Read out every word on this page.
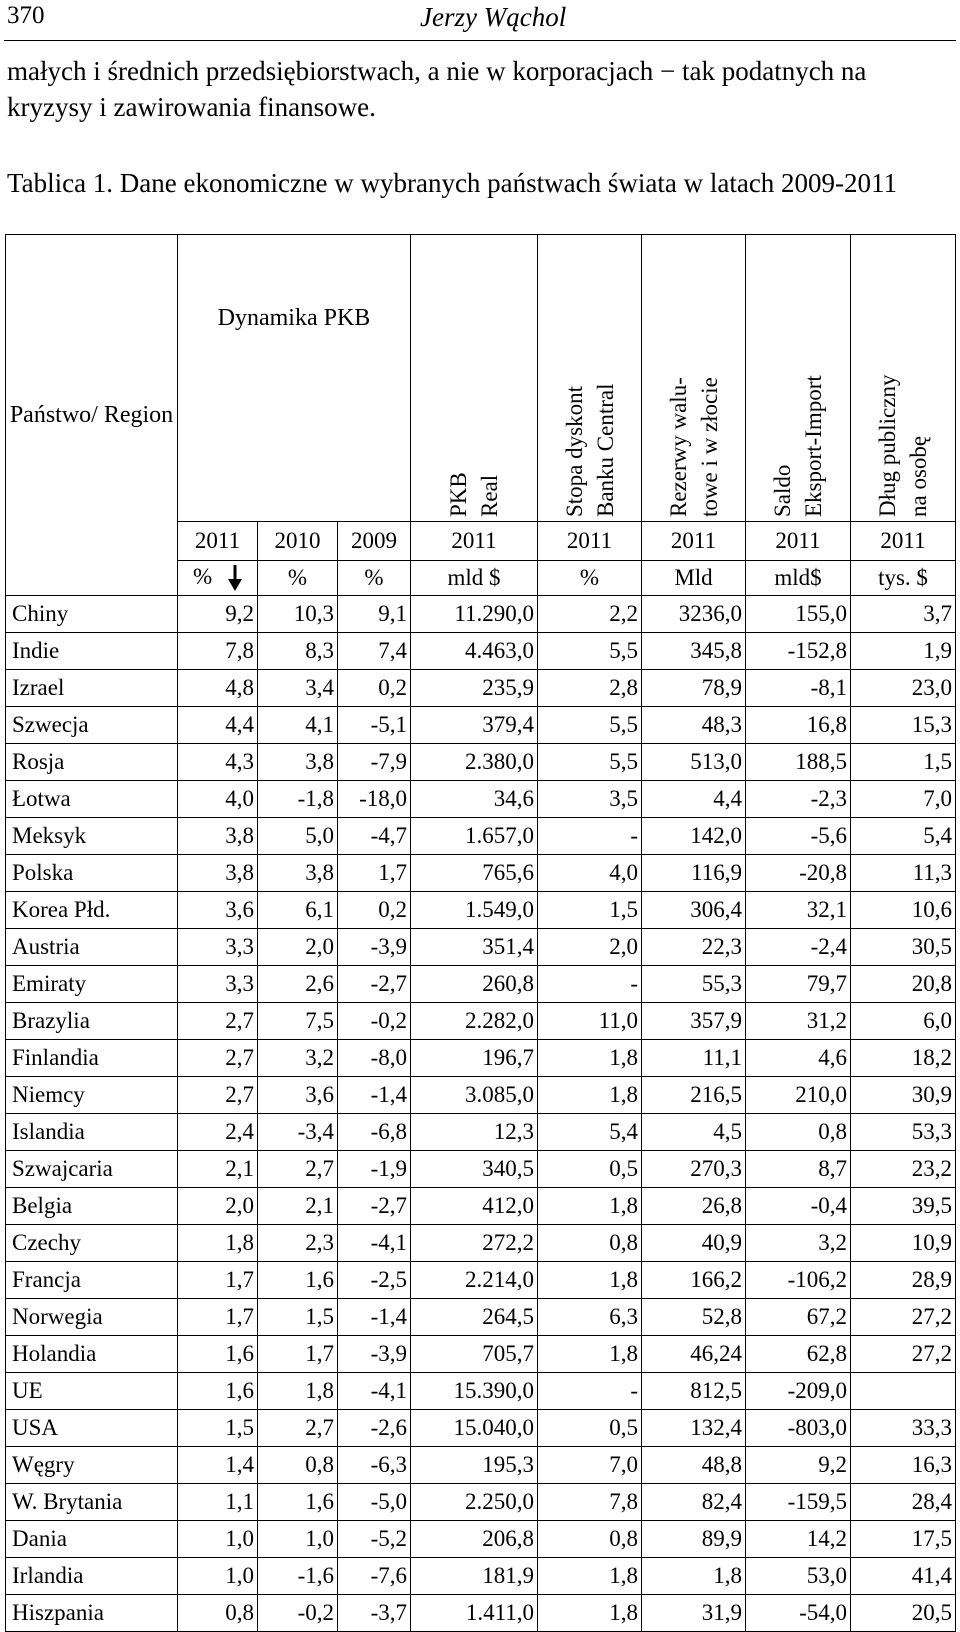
370	Jerzy Wąchol
małych i średnich przedsiębiorstwach, a nie w korporacjach − tak podatnych na kryzysy i zawirowania finansowe.
Tablica 1. Dane ekonomiczne w wybranych państwach świata w latach 2009-2011
Państwo/ Region	Dynamika PKB			PKB Real	Stopa dyskont Banku Central	Rezerwy walu- towe i w złocie	Saldo Eksport-Import	Dług publiczny na osobę

	2011	2010	2009	2011	2011	2011	2011	2011
	%	%	%	mld $	%	Mld	mld$	tys. $
Chiny	9,2	10,3	9,1	11.290,0	2,2	3236,0	155,0	3,7
Indie	7,8	8,3	7,4	4.463,0	5,5	345,8	-152,8	1,9
Izrael	4,8	3,4	0,2	235,9	2,8	78,9	-8,1	23,0
Szwecja	4,4	4,1	-5,1	379,4	5,5	48,3	16,8	15,3
Rosja	4,3	3,8	-7,9	2.380,0	5,5	513,0	188,5	1,5
Łotwa	4,0	-1,8	-18,0	34,6	3,5	4,4	-2,3	7,0
Meksyk	3,8	5,0	-4,7	1.657,0	-	142,0	-5,6	5,4
Polska	3,8	3,8	1,7	765,6	4,0	116,9	-20,8	11,3
Korea Płd.	3,6	6,1	0,2	1.549,0	1,5	306,4	32,1	10,6
Austria	3,3	2,0	-3,9	351,4	2,0	22,3	-2,4	30,5
Emiraty	3,3	2,6	-2,7	260,8	-	55,3	79,7	20,8
Brazylia	2,7	7,5	-0,2	2.282,0	11,0	357,9	31,2	6,0
Finlandia	2,7	3,2	-8,0	196,7	1,8	11,1	4,6	18,2
Niemcy	2,7	3,6	-1,4	3.085,0	1,8	216,5	210,0	30,9
Islandia	2,4	-3,4	-6,8	12,3	5,4	4,5	0,8	53,3
Szwajcaria	2,1	2,7	-1,9	340,5	0,5	270,3	8,7	23,2
Belgia	2,0	2,1	-2,7	412,0	1,8	26,8	-0,4	39,5
Czechy	1,8	2,3	-4,1	272,2	0,8	40,9	3,2	10,9
Francja	1,7	1,6	-2,5	2.214,0	1,8	166,2	-106,2	28,9
Norwegia	1,7	1,5	-1,4	264,5	6,3	52,8	67,2	27,2
Holandia	1,6	1,7	-3,9	705,7	1,8	46,24	62,8	27,2
UE	1,6	1,8	-4,1	15.390,0	-	812,5	-209,0	
USA	1,5	2,7	-2,6	15.040,0	0,5	132,4	-803,0	33,3
Węgry	1,4	0,8	-6,3	195,3	7,0	48,8	9,2	16,3
W. Brytania	1,1	1,6	-5,0	2.250,0	7,8	82,4	-159,5	28,4
Dania	1,0	1,0	-5,2	206,8	0,8	89,9	14,2	17,5
Irlandia	1,0	-1,6	-7,6	181,9	1,8	1,8	53,0	41,4
Hiszpania	0,8	-0,2	-3,7	1.411,0	1,8	31,9	-54,0	20,5
